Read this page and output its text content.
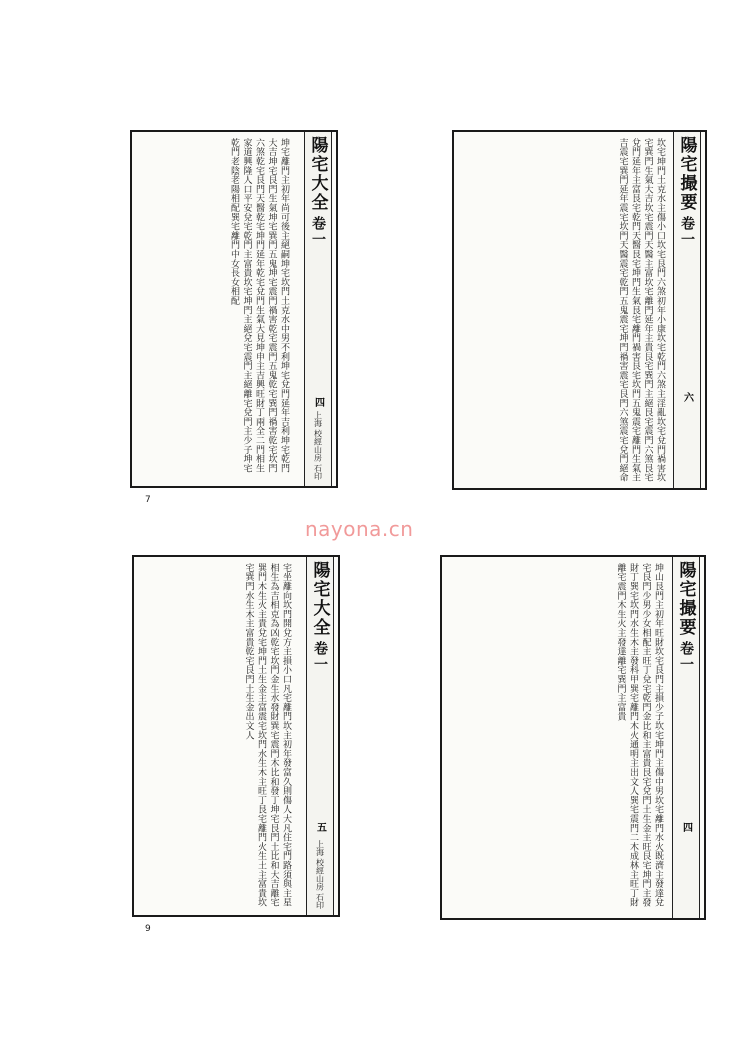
nayona.cn
坤宅離門主初年尚可後主絕嗣坤宅坎門土克水中男不利坤宅兌門延年吉利坤宅乾門大吉坤宅艮門生氣坤宅巽門五鬼坤宅震門禍害乾宅震門五鬼乾宅巽門禍害乾宅坎門六煞乾宅艮門天醫乾宅坤門延年乾宅兌門生氣大見坤申主吉興旺財丁兩全二門相生家道興隆人口平安兌宅乾門主富貴坎宅坤門主絕兌宅震門主絕離宅兌門主少子坤宅乾門老陰老陽相配巽宅離門中女長女相配	陽宅大全
卷一
四
上海 校經山房 石印
7
陽宅撮要
卷一
六
坎宅坤門土克水主傷小口坎宅艮門六煞初年小康坎宅乾門六煞主淫亂坎宅兌門禍害坎宅巽門生氣大吉坎宅震門天醫主富坎宅離門延年主貴艮宅巽門主絕艮宅震門六煞艮宅兌門延年主富艮宅乾門天醫艮宅坤門生氣艮宅離門禍害艮宅坎門五鬼震宅離門生氣主吉震宅巽門延年震宅坎門天醫震宅乾門五鬼震宅坤門禍害震宅艮門六煞震宅兌門絕命
宅坐離向坎門開兌方主損小口凡宅離門坎主初年發富久則傷人大凡住宅門路須與主星相生為吉相克為凶乾宅坎門金生水發財巽宅震門木比和發丁坤宅艮門土比和大吉離宅巽門木生火主貴兌宅坤門土生金主富震宅坎門水生木主旺丁艮宅離門火生土主富貴坎宅巽門水生木主富貴乾宅艮門土生金出文人	陽宅大全
卷一
五
上海 校經山房 石印
9
陽宅撮要
卷一
四
坤山艮門主初年旺財坎宅艮門主損少子坎宅坤門主傷中男坎宅離門水火既濟主發達兌宅艮門少男少女相配主旺丁兌宅乾門金比和主富貴艮宅兌門土生金主旺艮宅坤門主發財丁巽宅坎門水生木主發科甲巽宅離門木火通明主出文人巽宅震門二木成林主旺丁財離宅震門木生火主發達離宅巽門主富貴
